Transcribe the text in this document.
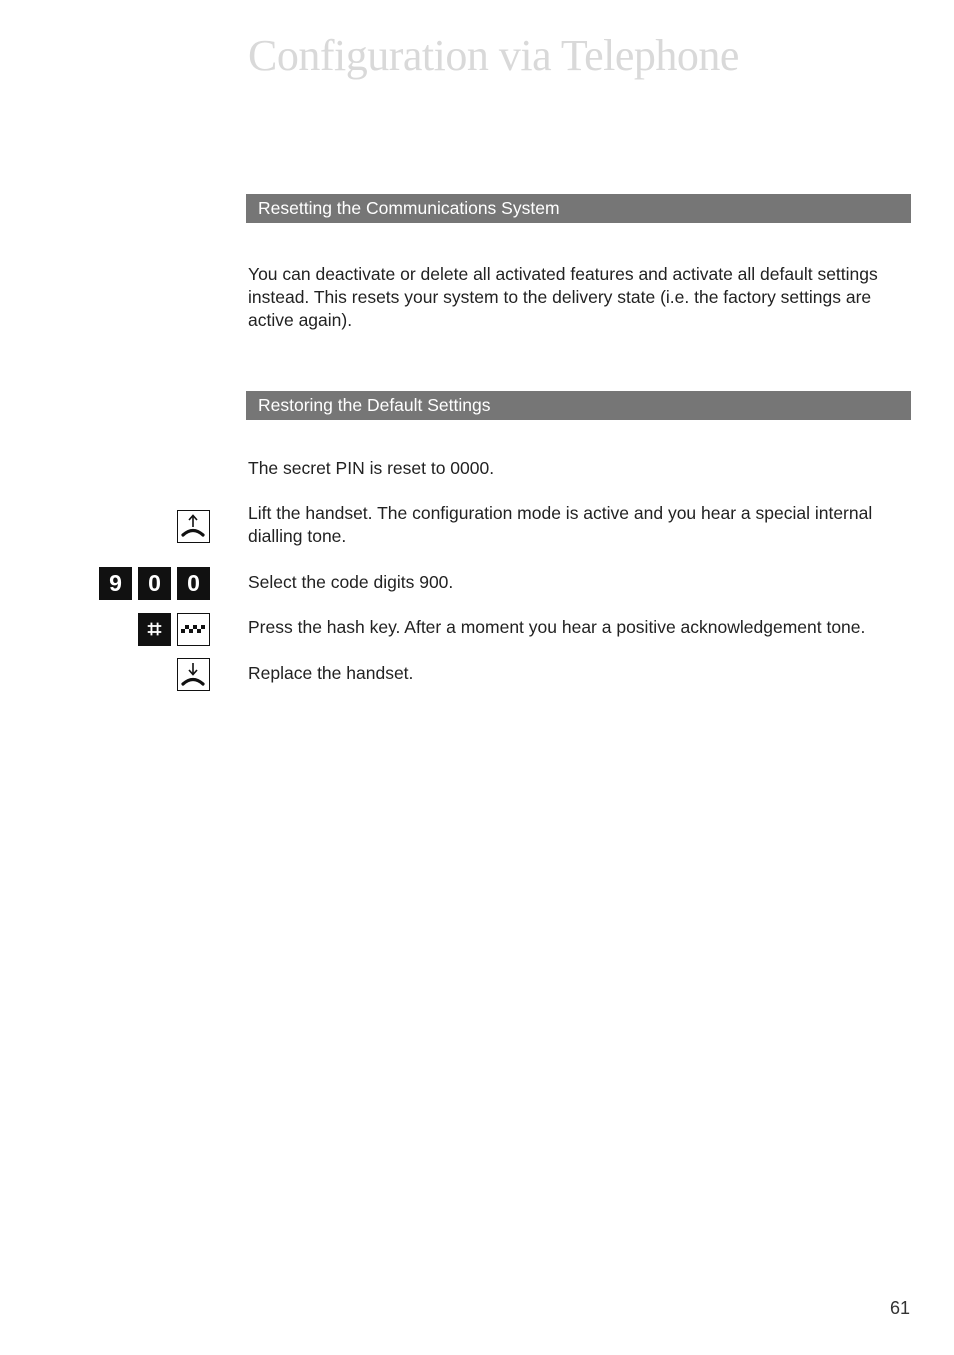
Configuration via Telephone
Resetting the Communications System
You can deactivate or delete all activated features and activate all default settings instead. This resets your system to the delivery state (i.e. the factory settings are active again).
Restoring the Default Settings
The secret PIN is reset to 0000.
Lift the handset. The configuration mode is active and you hear a special internal dialling tone.
9	0	0	Select the code digits 900.
⌗	Press the hash key. After a moment you hear a positive acknowledgement tone.
Replace the handset.
61
